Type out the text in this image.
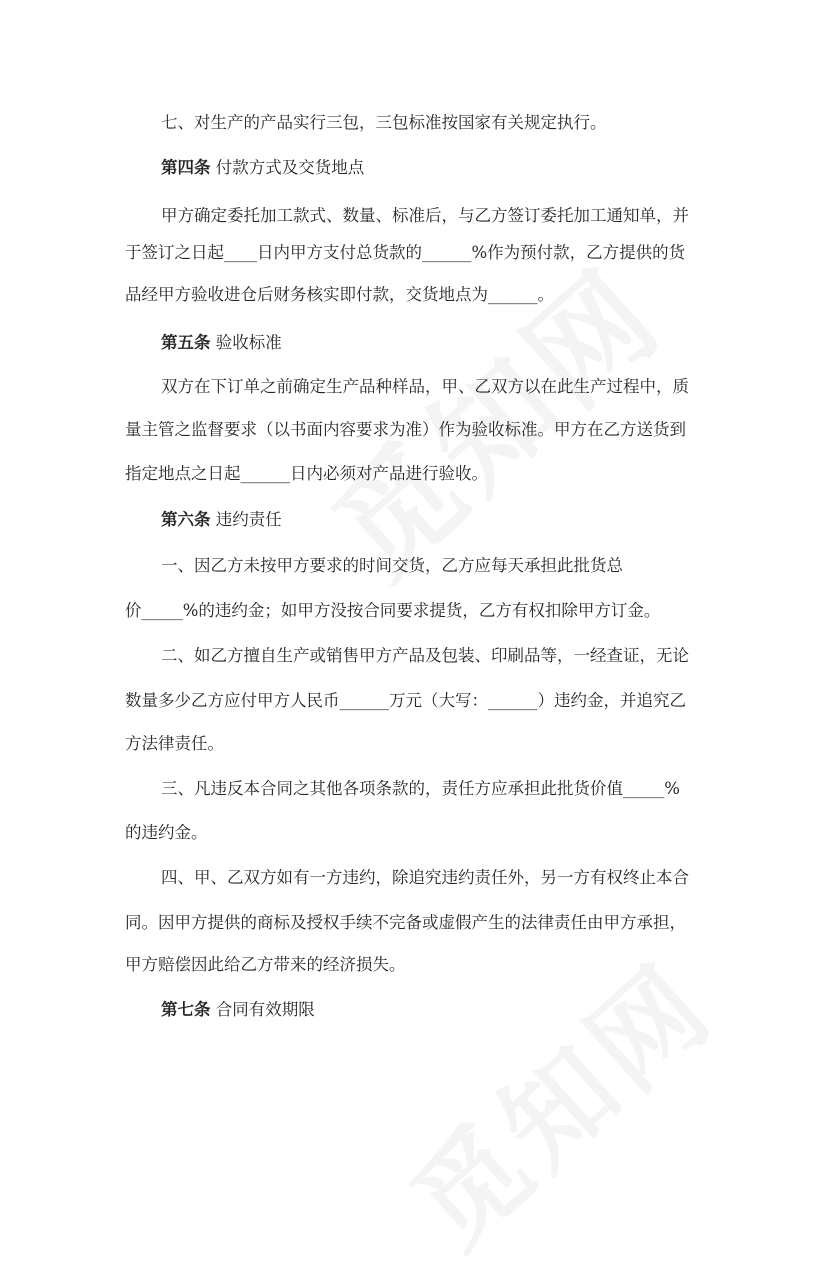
七、对生产的产品实行三包，三包标准按国家有关规定执行。
第四条 付款方式及交货地点
甲方确定委托加工款式、数量、标准后，与乙方签订委托加工通知单，并
于签订之日起____日内甲方支付总货款的______%作为预付款，乙方提供的货
品经甲方验收进仓后财务核实即付款，交货地点为______。
第五条 验收标准
双方在下订单之前确定生产品种样品，甲、乙双方以在此生产过程中，质
量主管之监督要求（以书面内容要求为准）作为验收标准。甲方在乙方送货到
指定地点之日起______日内必须对产品进行验收。
第六条 违约责任
一、因乙方未按甲方要求的时间交货，乙方应每天承担此批货总
价_____%的违约金；如甲方没按合同要求提货，乙方有权扣除甲方订金。
二、如乙方擅自生产或销售甲方产品及包装、印刷品等，一经查证，无论
数量多少乙方应付甲方人民币______万元（大写：______）违约金，并追究乙
方法律责任。
三、凡违反本合同之其他各项条款的，责任方应承担此批货价值_____%
的违约金。
四、甲、乙双方如有一方违约，除追究违约责任外，另一方有权终止本合
同。因甲方提供的商标及授权手续不完备或虚假产生的法律责任由甲方承担，
甲方赔偿因此给乙方带来的经济损失。
第七条 合同有效期限
